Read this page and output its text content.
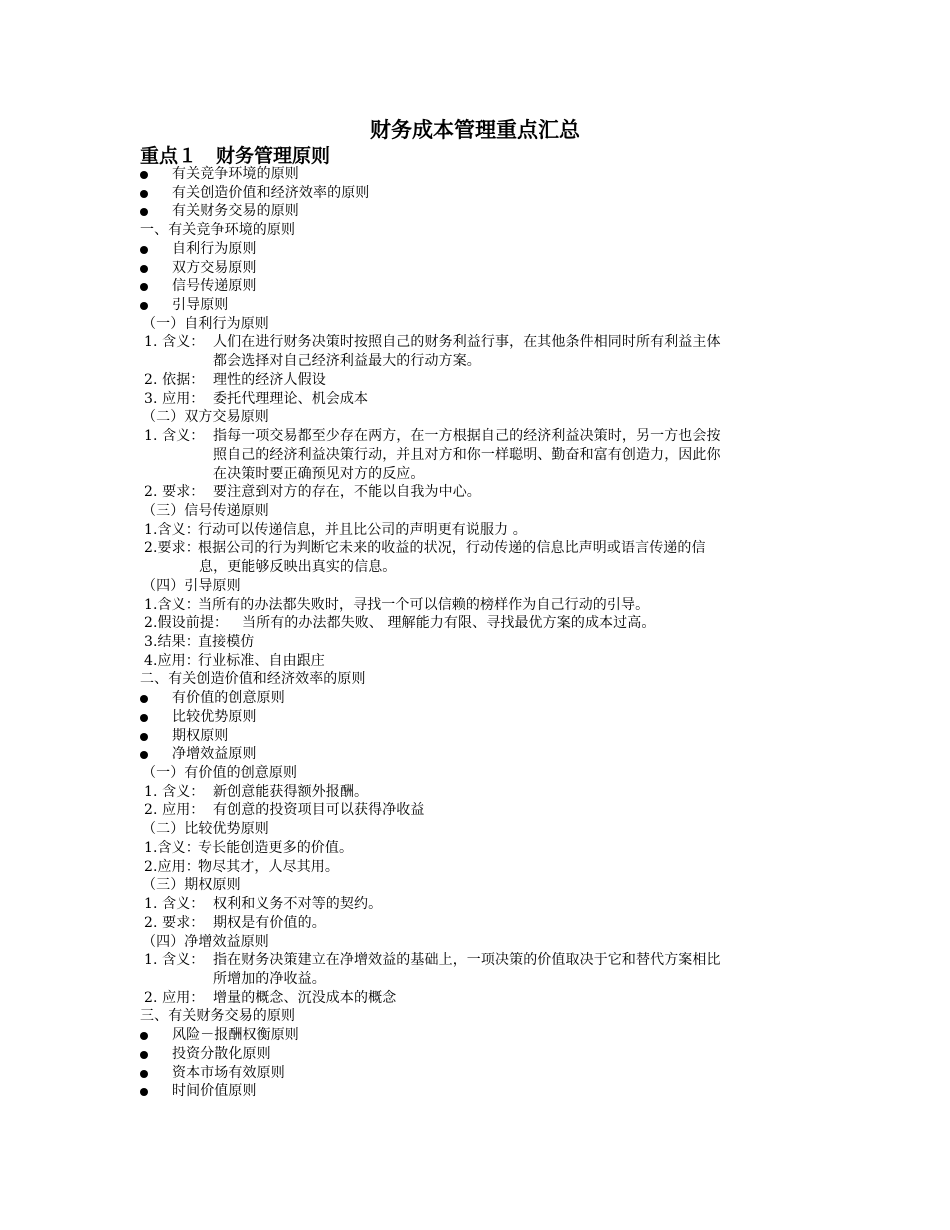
财务成本管理重点汇总
重点１　财务管理原则
有关竞争环境的原则
有关创造价值和经济效率的原则
有关财务交易的原则
一、有关竞争环境的原则
自利行为原则
双方交易原则
信号传递原则
引导原则
（一）自利行为原则
1. 含义： 人们在进行财务决策时按照自己的财务利益行事，在其他条件相同时所有利益主体
都会选择对自己经济利益最大的行动方案。
2. 依据： 理性的经济人假设
3. 应用： 委托代理理论、机会成本
（二）双方交易原则
1. 含义： 指每一项交易都至少存在两方，在一方根据自己的经济利益决策时，另一方也会按
照自己的经济利益决策行动，并且对方和你一样聪明、勤奋和富有创造力，因此你
在决策时要正确预见对方的反应。
2. 要求： 要注意到对方的存在，不能以自我为中心。
（三）信号传递原则
1.含义：
行动可以传递信息，并且比公司的声明更有说服力 。
2.要求：
根据公司的行为判断它未来的收益的状况，行动传递的信息比声明或语言传递的信
息，更能够反映出真实的信息。
（四）引导原则
1.含义：
当所有的办法都失败时，寻找一个可以信赖的榜样作为自己行动的引导。
2.假设前提： 当所有的办法都失败、 理解能力有限、寻找最优方案的成本过高。
3.结果：
直接模仿
4.应用：
行业标准、自由跟庄
二、有关创造价值和经济效率的原则
有价值的创意原则
比较优势原则
期权原则
净增效益原则
（一）有价值的创意原则
1. 含义： 新创意能获得额外报酬。
2. 应用： 有创意的投资项目可以获得净收益
（二）比较优势原则
1.含义：
专长能创造更多的价值。
2.应用：
物尽其才，人尽其用。
（三）期权原则
1. 含义： 权利和义务不对等的契约。
2. 要求： 期权是有价值的。
（四）净增效益原则
1. 含义： 指在财务决策建立在净增效益的基础上，一项决策的价值取决于它和替代方案相比
所增加的净收益。
2. 应用： 增量的概念、沉没成本的概念
三、有关财务交易的原则
风险－报酬权衡原则
投资分散化原则
资本市场有效原则
时间价值原则
